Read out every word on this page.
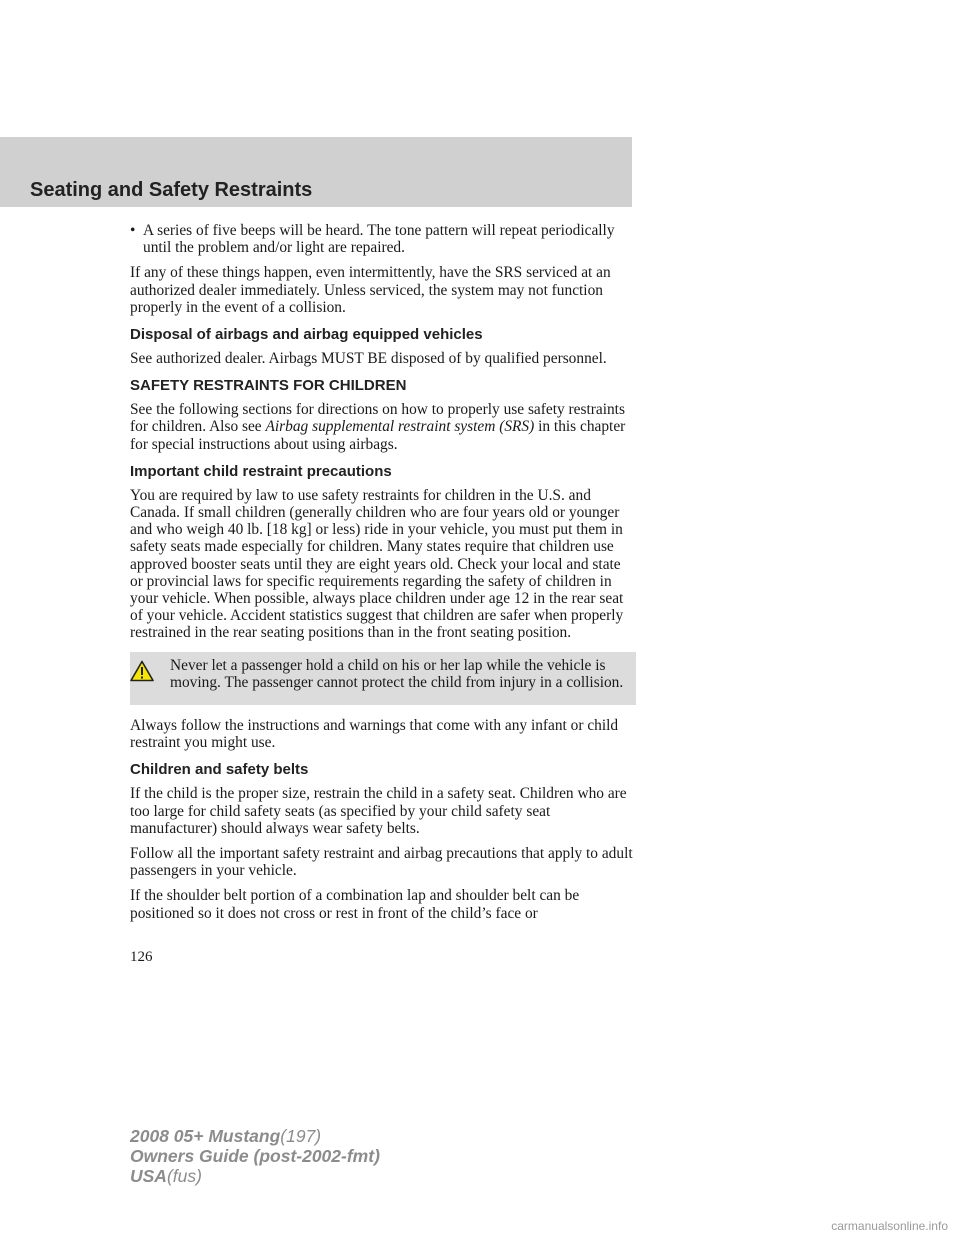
Seating and Safety Restraints
• A series of five beeps will be heard. The tone pattern will repeat periodically until the problem and/or light are repaired.

If any of these things happen, even intermittently, have the SRS serviced at an authorized dealer immediately. Unless serviced, the system may not function properly in the event of a collision.

Disposal of airbags and airbag equipped vehicles

See authorized dealer. Airbags MUST BE disposed of by qualified personnel.

SAFETY RESTRAINTS FOR CHILDREN

See the following sections for directions on how to properly use safety restraints for children. Also see Airbag supplemental restraint system (SRS) in this chapter for special instructions about using airbags.

Important child restraint precautions

You are required by law to use safety restraints for children in the U.S. and Canada. If small children (generally children who are four years old or younger and who weigh 40 lb. [18 kg] or less) ride in your vehicle, you must put them in safety seats made especially for children. Many states require that children use approved booster seats until they are eight years old. Check your local and state or provincial laws for specific requirements regarding the safety of children in your vehicle. When possible, always place children under age 12 in the rear seat of your vehicle. Accident statistics suggest that children are safer when properly restrained in the rear seating positions than in the front seating position.

Never let a passenger hold a child on his or her lap while the vehicle is moving. The passenger cannot protect the child from injury in a collision.

Always follow the instructions and warnings that come with any infant or child restraint you might use.

Children and safety belts

If the child is the proper size, restrain the child in a safety seat. Children who are too large for child safety seats (as specified by your child safety seat manufacturer) should always wear safety belts.

Follow all the important safety restraint and airbag precautions that apply to adult passengers in your vehicle.

If the shoulder belt portion of a combination lap and shoulder belt can be positioned so it does not cross or rest in front of the child’s face or

126
2008 05+ Mustang(197)
Owners Guide (post-2002-fmt)
USA(fus)
carmanualsonline.info
